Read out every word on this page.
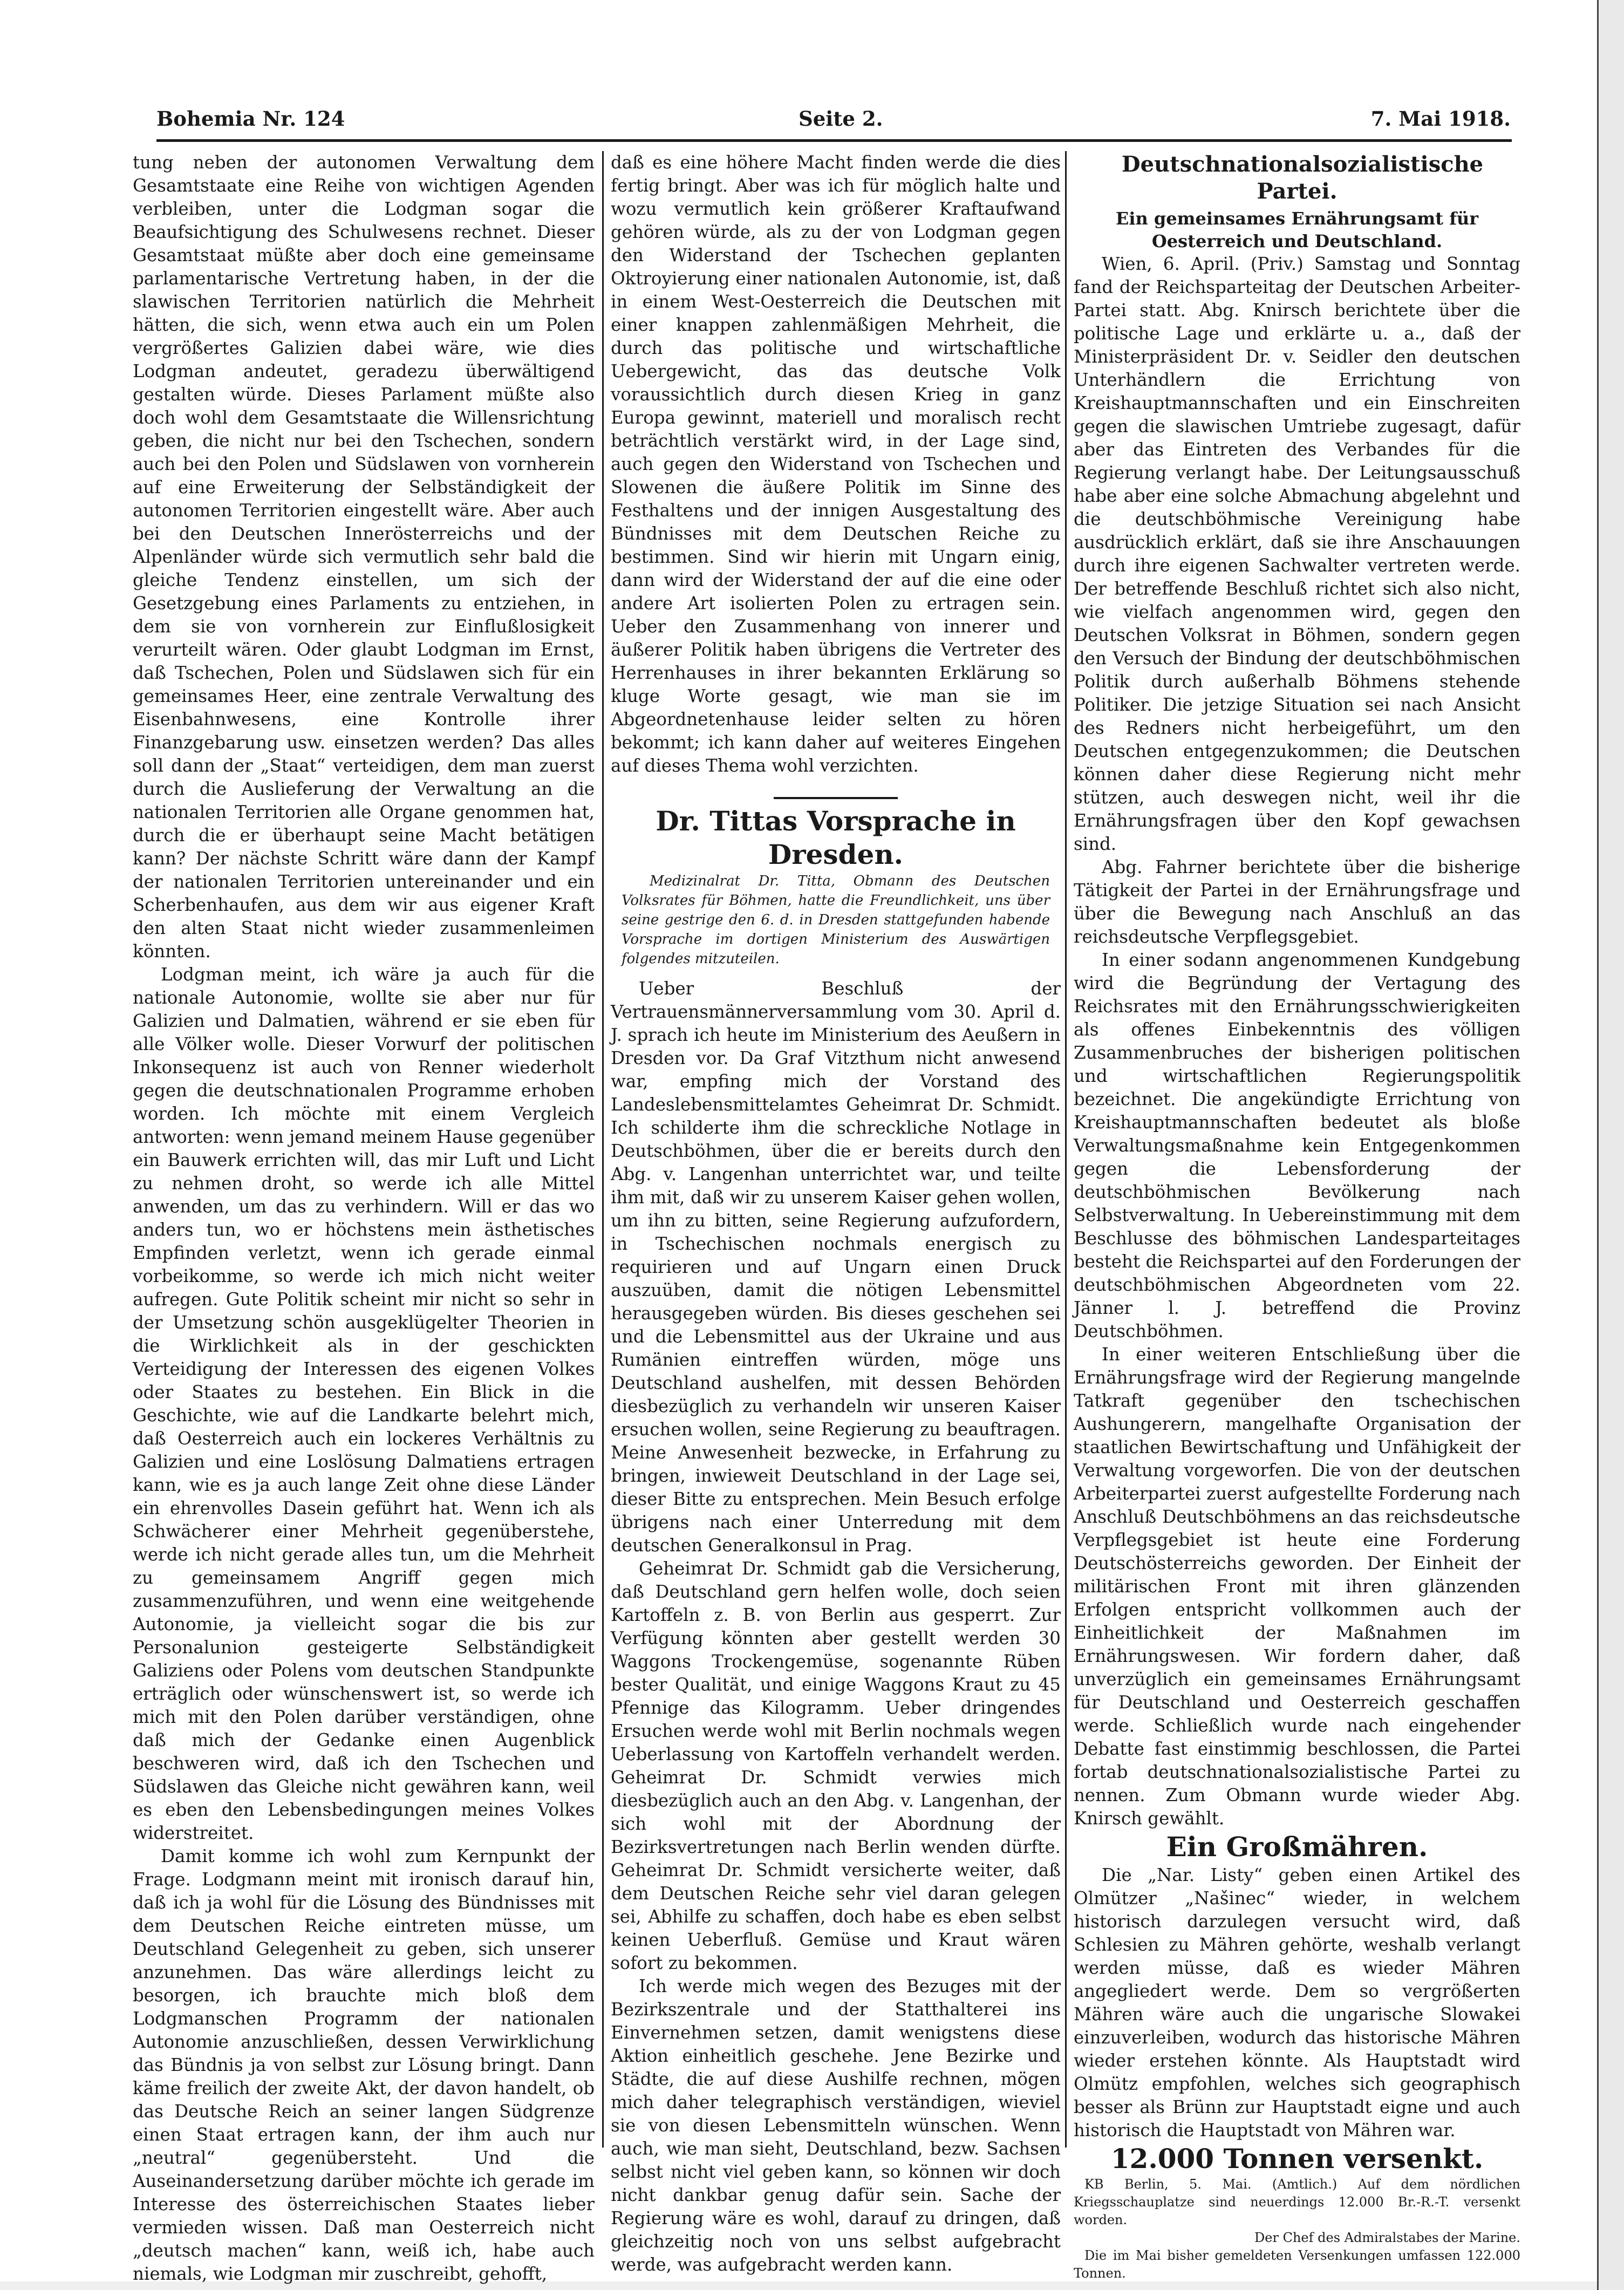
Bohemia Nr. 124	Seite 2.	7. Mai 1918.

tung neben der autonomen Verwaltung dem Gesamtstaate eine Reihe von wichtigen Agenden verbleiben, unter die Lodgman sogar die Beaufsichtigung des Schulwesens rechnet. Dieser Gesamtstaat müßte aber doch eine gemeinsame parlamentarische Vertretung haben, in der die slawischen Territorien natürlich die Mehrheit hätten, die sich, wenn etwa auch ein um Polen vergrößertes Galizien dabei wäre, wie dies Lodgman andeutet, geradezu überwältigend gestalten würde. Dieses Parlament müßte also doch wohl dem Gesamtstaate die Willensrichtung geben, die nicht nur bei den Tschechen, sondern auch bei den Polen und Südslawen von vornherein auf eine Erweiterung der Selbständigkeit der autonomen Territorien eingestellt wäre. Aber auch bei den Deutschen Innerösterreichs und der Alpenländer würde sich vermutlich sehr bald die gleiche Tendenz einstellen, um sich der Gesetzgebung eines Parlaments zu entziehen, in dem sie von vornherein zur Einflußlosigkeit verurteilt wären. Oder glaubt Lodgman im Ernst, daß Tschechen, Polen und Südslawen sich für ein gemeinsames Heer, eine zentrale Verwaltung des Eisenbahnwesens, eine Kontrolle ihrer Finanzgebarung usw. einsetzen werden? Das alles soll dann der „Staat“ verteidigen, dem man zuerst durch die Auslieferung der Verwaltung an die nationalen Territorien alle Organe genommen hat, durch die er überhaupt seine Macht betätigen kann? Der nächste Schritt wäre dann der Kampf der nationalen Territorien untereinander und ein Scherbenhaufen, aus dem wir aus eigener Kraft den alten Staat nicht wieder zusammenleimen könnten.

Lodgman meint, ich wäre ja auch für die nationale Autonomie, wollte sie aber nur für Galizien und Dalmatien, während er sie eben für alle Völker wolle. Dieser Vorwurf der politischen Inkonsequenz ist auch von Renner wiederholt gegen die deutschnationalen Programme erhoben worden. Ich möchte mit einem Vergleich antworten: wenn jemand meinem Hause gegenüber ein Bauwerk errichten will, das mir Luft und Licht zu nehmen droht, so werde ich alle Mittel anwenden, um das zu verhindern. Will er das wo anders tun, wo er höchstens mein ästhetisches Empfinden verletzt, wenn ich gerade einmal vorbeikomme, so werde ich mich nicht weiter aufregen. Gute Politik scheint mir nicht so sehr in der Umsetzung schön ausgeklügelter Theorien in die Wirklichkeit als in der geschickten Verteidigung der Interessen des eigenen Volkes oder Staates zu bestehen. Ein Blick in die Geschichte, wie auf die Landkarte belehrt mich, daß Oesterreich auch ein lockeres Verhältnis zu Galizien und eine Loslösung Dalmatiens ertragen kann, wie es ja auch lange Zeit ohne diese Länder ein ehrenvolles Dasein geführt hat. Wenn ich als Schwächerer einer Mehrheit gegenüberstehe, werde ich nicht gerade alles tun, um die Mehrheit zu gemeinsamem Angriff gegen mich zusammenzuführen, und wenn eine weitgehende Autonomie, ja vielleicht sogar die bis zur Personalunion gesteigerte Selbständigkeit Galiziens oder Polens vom deutschen Standpunkte erträglich oder wünschenswert ist, so werde ich mich mit den Polen darüber verständigen, ohne daß mich der Gedanke einen Augenblick beschweren wird, daß ich den Tschechen und Südslawen das Gleiche nicht gewähren kann, weil es eben den Lebensbedingungen meines Volkes widerstreitet.

Damit komme ich wohl zum Kernpunkt der Frage. Lodgmann meint mit ironisch darauf hin, daß ich ja wohl für die Lösung des Bündnisses mit dem Deutschen Reiche eintreten müsse, um Deutschland Gelegenheit zu geben, sich unserer anzunehmen. Das wäre allerdings leicht zu besorgen, ich brauchte mich bloß dem Lodgmanschen Programm der nationalen Autonomie anzuschließen, dessen Verwirklichung das Bündnis ja von selbst zur Lösung bringt. Dann käme freilich der zweite Akt, der davon handelt, ob das Deutsche Reich an seiner langen Südgrenze einen Staat ertragen kann, der ihm auch nur „neutral“ gegenübersteht. Und die Auseinandersetzung darüber möchte ich gerade im Interesse des österreichischen Staates lieber vermieden wissen. Daß man Oesterreich nicht „deutsch machen“ kann, weiß ich, habe auch niemals, wie Lodgman mir zuschreibt, gehofft,

daß es eine höhere Macht finden werde die dies fertig bringt. Aber was ich für möglich halte und wozu vermutlich kein größerer Kraftaufwand gehören würde, als zu der von Lodgman gegen den Widerstand der Tschechen geplanten Oktroyierung einer nationalen Autonomie, ist, daß in einem West-Oesterreich die Deutschen mit einer knappen zahlenmäßigen Mehrheit, die durch das politische und wirtschaftliche Uebergewicht, das das deutsche Volk voraussichtlich durch diesen Krieg in ganz Europa gewinnt, materiell und moralisch recht beträchtlich verstärkt wird, in der Lage sind, auch gegen den Widerstand von Tschechen und Slowenen die äußere Politik im Sinne des Festhaltens und der innigen Ausgestaltung des Bündnisses mit dem Deutschen Reiche zu bestimmen. Sind wir hierin mit Ungarn einig, dann wird der Widerstand der auf die eine oder andere Art isolierten Polen zu ertragen sein. Ueber den Zusammenhang von innerer und äußerer Politik haben übrigens die Vertreter des Herrenhauses in ihrer bekannten Erklärung so kluge Worte gesagt, wie man sie im Abgeordnetenhause leider selten zu hören bekommt; ich kann daher auf weiteres Eingehen auf dieses Thema wohl verzichten.

Dr. Tittas Vorsprache in Dresden.

Medizinalrat Dr. Titta, Obmann des Deutschen Volksrates für Böhmen, hatte die Freundlichkeit, uns über seine gestrige den 6. d. in Dresden stattgefunden habende Vorsprache im dortigen Ministerium des Auswärtigen folgendes mitzuteilen.

Ueber Beschluß der Vertrauensmännerversammlung vom 30. April d. J. sprach ich heute im Ministerium des Aeußern in Dresden vor. Da Graf Vitzthum nicht anwesend war, empfing mich der Vorstand des Landeslebensmittelamtes Geheimrat Dr. Schmidt. Ich schilderte ihm die schreckliche Notlage in Deutschböhmen, über die er bereits durch den Abg. v. Langenhan unterrichtet war, und teilte ihm mit, daß wir zu unserem Kaiser gehen wollen, um ihn zu bitten, seine Regierung aufzufordern, in Tschechischen nochmals energisch zu requirieren und auf Ungarn einen Druck auszuüben, damit die nötigen Lebensmittel herausgegeben würden. Bis dieses geschehen sei und die Lebensmittel aus der Ukraine und aus Rumänien eintreffen würden, möge uns Deutschland aushelfen, mit dessen Behörden diesbezüglich zu verhandeln wir unseren Kaiser ersuchen wollen, seine Regierung zu beauftragen. Meine Anwesenheit bezwecke, in Erfahrung zu bringen, inwieweit Deutschland in der Lage sei, dieser Bitte zu entsprechen. Mein Besuch erfolge übrigens nach einer Unterredung mit dem deutschen Generalkonsul in Prag.

Geheimrat Dr. Schmidt gab die Versicherung, daß Deutschland gern helfen wolle, doch seien Kartoffeln z. B. von Berlin aus gesperrt. Zur Verfügung könnten aber gestellt werden 30 Waggons Trockengemüse, sogenannte Rüben bester Qualität, und einige Waggons Kraut zu 45 Pfennige das Kilogramm. Ueber dringendes Ersuchen werde wohl mit Berlin nochmals wegen Ueberlassung von Kartoffeln verhandelt werden. Geheimrat Dr. Schmidt verwies mich diesbezüglich auch an den Abg. v. Langenhan, der sich wohl mit der Abordnung der Bezirksvertretungen nach Berlin wenden dürfte. Geheimrat Dr. Schmidt versicherte weiter, daß dem Deutschen Reiche sehr viel daran gelegen sei, Abhilfe zu schaffen, doch habe es eben selbst keinen Ueberfluß. Gemüse und Kraut wären sofort zu bekommen.

Ich werde mich wegen des Bezuges mit der Bezirkszentrale und der Statthalterei ins Einvernehmen setzen, damit wenigstens diese Aktion einheitlich geschehe. Jene Bezirke und Städte, die auf diese Aushilfe rechnen, mögen mich daher telegraphisch verständigen, wieviel sie von diesen Lebensmitteln wünschen. Wenn auch, wie man sieht, Deutschland, bezw. Sachsen selbst nicht viel geben kann, so können wir doch nicht dankbar genug dafür sein. Sache der Regierung wäre es wohl, darauf zu dringen, daß gleichzeitig noch von uns selbst aufgebracht werde, was aufgebracht werden kann.

Deutschnationalsozialistische Partei.

Ein gemeinsames Ernährungsamt für Oesterreich und Deutschland.

Wien, 6. April. (Priv.) Samstag und Sonntag fand der Reichsparteitag der Deutschen Arbeiter-Partei statt. Abg. Knirsch berichtete über die politische Lage und erklärte u. a., daß der Ministerpräsident Dr. v. Seidler den deutschen Unterhändlern die Errichtung von Kreishauptmannschaften und ein Einschreiten gegen die slawischen Umtriebe zugesagt, dafür aber das Eintreten des Verbandes für die Regierung verlangt habe. Der Leitungsausschuß habe aber eine solche Abmachung abgelehnt und die deutschböhmische Vereinigung habe ausdrücklich erklärt, daß sie ihre Anschauungen durch ihre eigenen Sachwalter vertreten werde. Der betreffende Beschluß richtet sich also nicht, wie vielfach angenommen wird, gegen den Deutschen Volksrat in Böhmen, sondern gegen den Versuch der Bindung der deutschböhmischen Politik durch außerhalb Böhmens stehende Politiker. Die jetzige Situation sei nach Ansicht des Redners nicht herbeigeführt, um den Deutschen entgegenzukommen; die Deutschen können daher diese Regierung nicht mehr stützen, auch deswegen nicht, weil ihr die Ernährungsfragen über den Kopf gewachsen sind.

Abg. Fahrner berichtete über die bisherige Tätigkeit der Partei in der Ernährungsfrage und über die Bewegung nach Anschluß an das reichsdeutsche Verpflegsgebiet.

In einer sodann angenommenen Kundgebung wird die Begründung der Vertagung des Reichsrates mit den Ernährungsschwierigkeiten als offenes Einbekenntnis des völligen Zusammenbruches der bisherigen politischen und wirtschaftlichen Regierungspolitik bezeichnet. Die angekündigte Errichtung von Kreishauptmannschaften bedeutet als bloße Verwaltungsmaßnahme kein Entgegenkommen gegen die Lebensforderung der deutschböhmischen Bevölkerung nach Selbstverwaltung. In Uebereinstimmung mit dem Beschlusse des böhmischen Landesparteitages besteht die Reichspartei auf den Forderungen der deutschböhmischen Abgeordneten vom 22. Jänner l. J. betreffend die Provinz Deutschböhmen.

In einer weiteren Entschließung über die Ernährungsfrage wird der Regierung mangelnde Tatkraft gegenüber den tschechischen Aushungerern, mangelhafte Organisation der staatlichen Bewirtschaftung und Unfähigkeit der Verwaltung vorgeworfen. Die von der deutschen Arbeiterpartei zuerst aufgestellte Forderung nach Anschluß Deutschböhmens an das reichsdeutsche Verpflegsgebiet ist heute eine Forderung Deutschösterreichs geworden. Der Einheit der militärischen Front mit ihren glänzenden Erfolgen entspricht vollkommen auch der Einheitlichkeit der Maßnahmen im Ernährungswesen. Wir fordern daher, daß unverzüglich ein gemeinsames Ernährungsamt für Deutschland und Oesterreich geschaffen werde. Schließlich wurde nach eingehender Debatte fast einstimmig beschlossen, die Partei fortab deutschnationalsozialistische Partei zu nennen. Zum Obmann wurde wieder Abg. Knirsch gewählt.

Ein Großmähren.

Die „Nar. Listy“ geben einen Artikel des Olmützer „Našinec“ wieder, in welchem historisch darzulegen versucht wird, daß Schlesien zu Mähren gehörte, weshalb verlangt werden müsse, daß es wieder Mähren angegliedert werde. Dem so vergrößerten Mähren wäre auch die ungarische Slowakei einzuverleiben, wodurch das historische Mähren wieder erstehen könnte. Als Hauptstadt wird Olmütz empfohlen, welches sich geographisch besser als Brünn zur Hauptstadt eigne und auch historisch die Hauptstadt von Mähren war.

12.000 Tonnen versenkt.

KB Berlin, 5. Mai. (Amtlich.) Auf dem nördlichen Kriegsschauplatze sind neuerdings 12.000 Br.-R.-T. versenkt worden.

Der Chef des Admiralstabes der Marine.

Die im Mai bisher gemeldeten Versenkungen umfassen 122.000 Tonnen.
